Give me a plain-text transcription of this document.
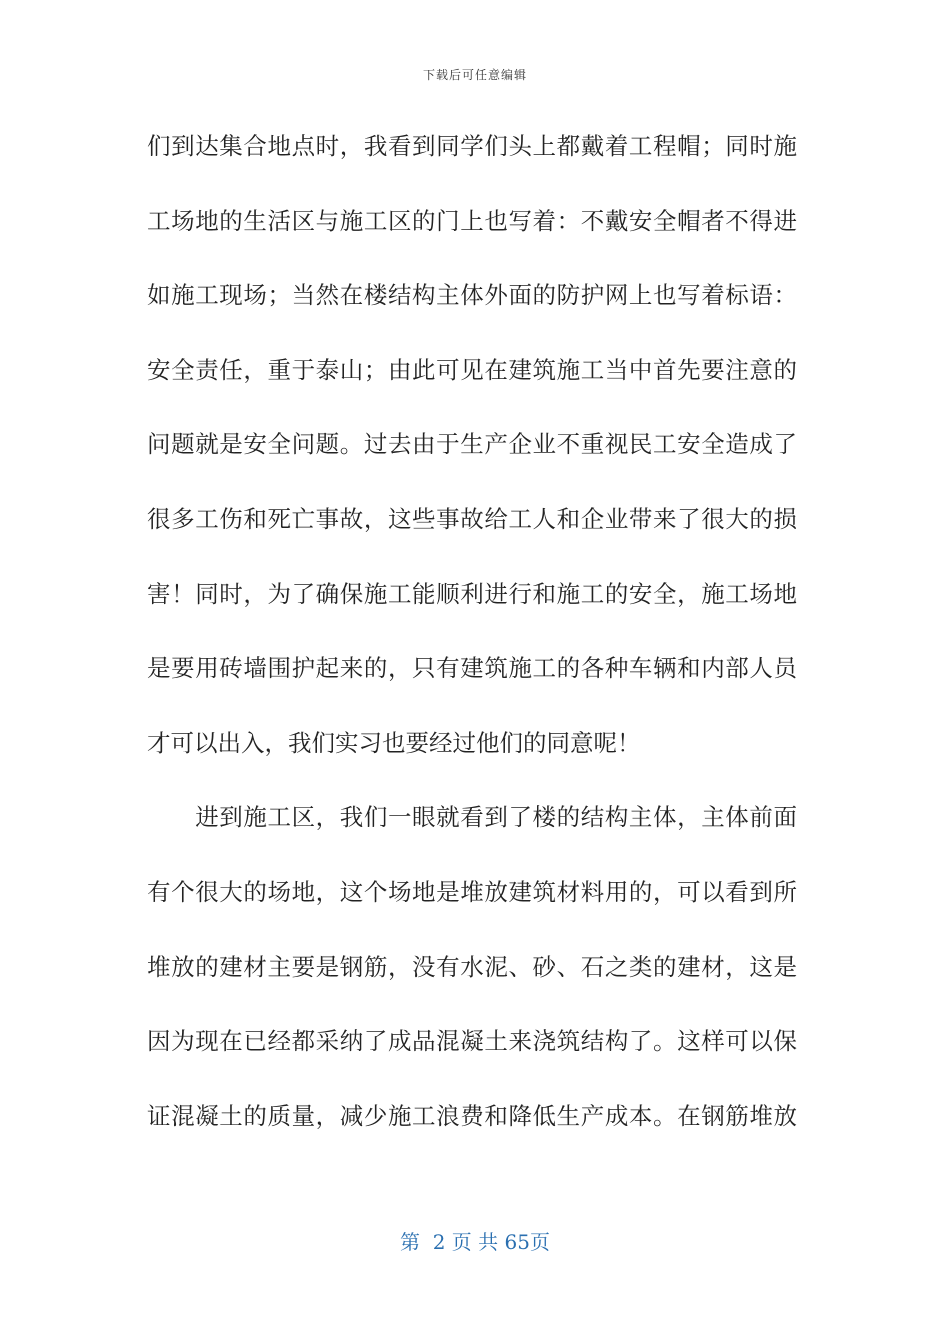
下载后可任意编辑
们到达集合地点时，我看到同学们头上都戴着工程帽；同时施
工场地的生活区与施工区的门上也写着：不戴安全帽者不得进
如施工现场；当然在楼结构主体外面的防护网上也写着标语：
安全责任，重于泰山；由此可见在建筑施工当中首先要注意的
问题就是安全问题。过去由于生产企业不重视民工安全造成了
很多工伤和死亡事故，这些事故给工人和企业带来了很大的损
害！同时，为了确保施工能顺利进行和施工的安全，施工场地
是要用砖墙围护起来的，只有建筑施工的各种车辆和内部人员
才可以出入，我们实习也要经过他们的同意呢！
　　进到施工区，我们一眼就看到了楼的结构主体，主体前面
有个很大的场地，这个场地是堆放建筑材料用的，可以看到所
堆放的建材主要是钢筋，没有水泥、砂、石之类的建材，这是
因为现在已经都采纳了成品混凝土来浇筑结构了。这样可以保
证混凝土的质量，减少施工浪费和降低生产成本。在钢筋堆放
第  2 页 共 65页
